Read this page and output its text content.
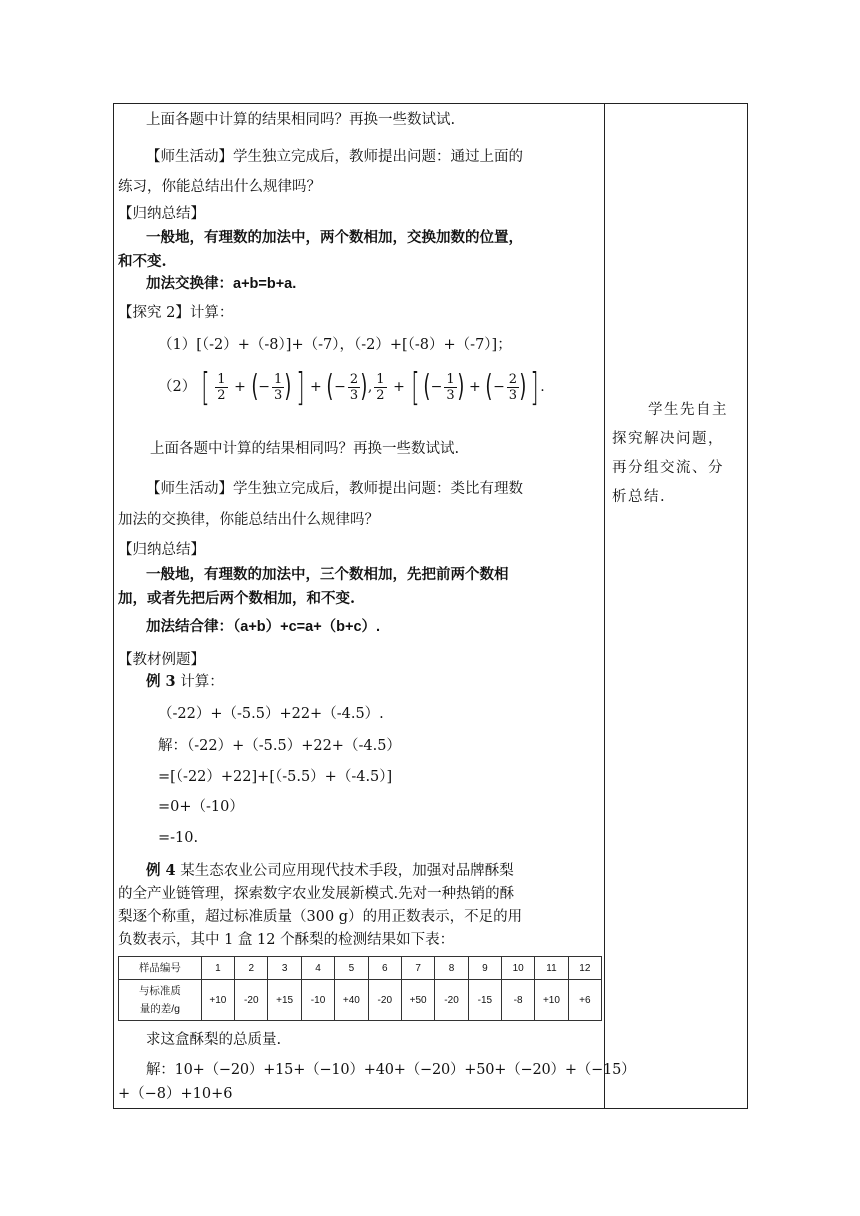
上面各题中计算的结果相同吗？再换一些数试试.
【师生活动】学生独立完成后，教师提出问题：通过上面的
练习，你能总结出什么规律吗？
【归纳总结】
一般地，有理数的加法中，两个数相加，交换加数的位置，
和不变.
加法交换律：a+b=b+a.
【探究 2】计算：
（1）[（-2）+（-8）]+（-7），（-2）+[（-8）+（-7）]；
（2） [ $\frac{1}{2}$ + (− $\frac{1}{3}$ ) ] + (− $\frac{2}{3}$ ), $\frac{1}{2}$ + [ (− $\frac{1}{3}$ ) + (− $\frac{2}{3}$ ) ].
上面各题中计算的结果相同吗？再换一些数试试.
【师生活动】学生独立完成后，教师提出问题：类比有理数
加法的交换律，你能总结出什么规律吗？
【归纳总结】
一般地，有理数的加法中，三个数相加，先把前两个数相
加，或者先把后两个数相加，和不变.
加法结合律：（a+b）+c=a+（b+c）.
【教材例题】
例 3 计算：
（-22）+（-5.5）+22+（-4.5）.
解：（-22）+（-5.5）+22+（-4.5）
=[（-22）+22]+[（-5.5）+（-4.5）]
=0+（-10）
=-10.
例 4 某生态农业公司应用现代技术手段，加强对品牌酥梨
的全产业链管理，探索数字农业发展新模式.先对一种热销的酥
梨逐个称重，超过标准质量（300 g）的用正数表示，不足的用
负数表示，其中 1 盒 12 个酥梨的检测结果如下表：
样品编号	1	2	3	4	5	6	7	8	9	10	11	12
与标准质
量的差/g	+10	-20	+15	-10	+40	-20	+50	-20	-15	-8	+10	+6
求这盒酥梨的总质量.
解：10+（−20）+15+（−10）+40+（−20）+50+（−20）+（−15）
+（−8）+10+6
学生先自主
探究解决问题，
再分组交流、分
析总结.
